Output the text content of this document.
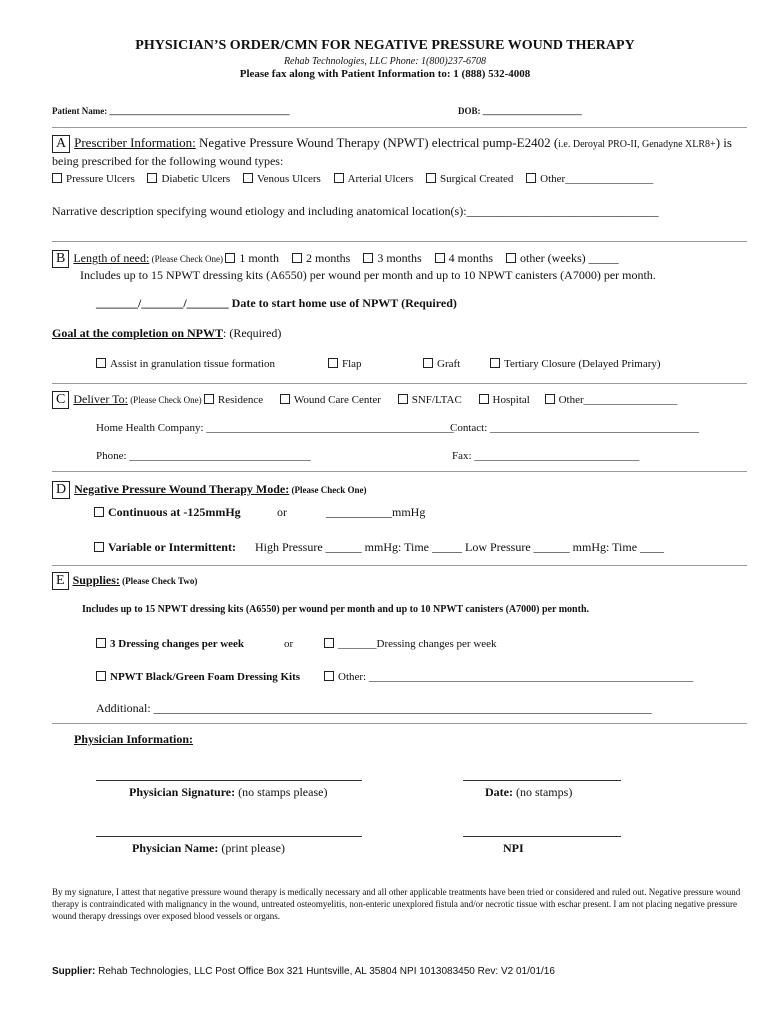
PHYSICIAN’S ORDER/CMN FOR NEGATIVE PRESSURE WOUND THERAPY
Rehab Technologies, LLC Phone: 1(800)237-6708
Please fax along with Patient Information to: 1 (888) 532-4008
Patient Name: ________________________________________	DOB: ______________________
A Prescriber Information: Negative Pressure Wound Therapy (NPWT) electrical pump-E2402 (i.e. Deroyal PRO-II, Genadyne XLR8+) is
being prescribed for the following wound types:
Pressure Ulcers Diabetic Ulcers Venous Ulcers Arterial Ulcers Surgical Created Other________________
Narrative description specifying wound etiology and including anatomical location(s):________________________________
B Length of need: (Please Check One) 1 month 2 months 3 months 4 months other (weeks) _____
Includes up to 15 NPWT dressing kits (A6550) per wound per month and up to 10 NPWT canisters (A7000) per month.
_______/_______/_______ Date to start home use of NPWT (Required)
Goal at the completion on NPWT: (Required)
Assist in granulation tissue formation	Flap	Graft	Tertiary Closure (Delayed Primary)
C Deliver To: (Please Check One) Residence	Wound Care Center	SNF/LTAC	Hospital	Other_________________
Home Health Company: _____________________________________________
Contact: ______________________________________
Phone: _________________________________	Fax: ______________________________
D Negative Pressure Wound Therapy Mode: (Please Check One)
Continuous at -125mmHg	or	___________mmHg
Variable or Intermittent: High Pressure ______ mmHg: Time _____ Low Pressure ______ mmHg: Time ____
E Supplies: (Please Check Two)
Includes up to 15 NPWT dressing kits (A6550) per wound per month and up to 10 NPWT canisters (A7000) per month.
3 Dressing changes per week	or	_______Dressing changes per week
NPWT Black/Green Foam Dressing Kits	Other: ___________________________________________________________
Additional: ___________________________________________________________________________________
Physician Information:
Physician Signature: (no stamps please)	Date: (no stamps)
Physician Name: (print please)	NPI
By my signature, I attest that negative pressure wound therapy is medically necessary and all other applicable treatments have been tried or considered and ruled out. Negative pressure wound therapy is contraindicated with malignancy in the wound, untreated osteomyelitis, non-enteric unexplored fistula and/or necrotic tissue with eschar present. I am not placing negative pressure wound therapy dressings over exposed blood vessels or organs.
Supplier: Rehab Technologies, LLC Post Office Box 321 Huntsville, AL 35804 NPI 1013083450 Rev: V2 01/01/16
